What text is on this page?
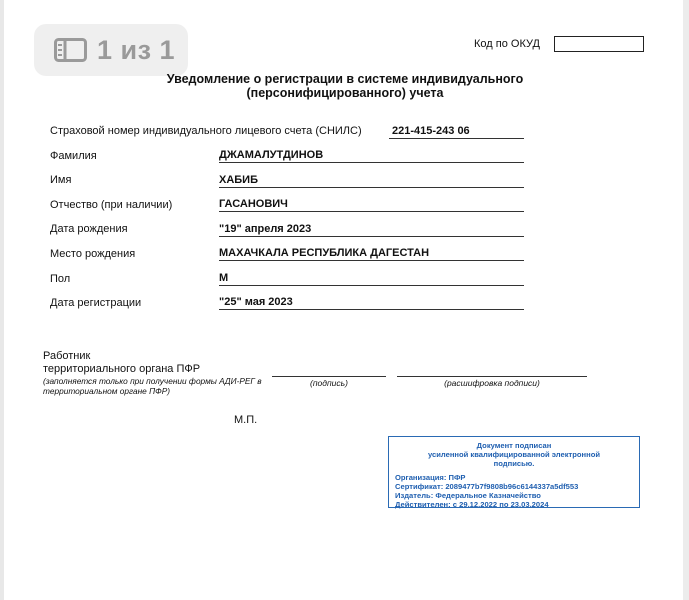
1 из 1	Код по ОКУД
Уведомление о регистрации в системе индивидуального
(персонифицированного) учета
Страховой номер индивидуального лицевого счета (СНИЛС)	221-415-243 06
Фамилия	ДЖАМАЛУТДИНОВ
Имя	ХАБИБ
Отчество (при наличии)	ГАСАНОВИЧ
Дата рождения	"19" апреля 2023
Место рождения	МАХАЧКАЛА РЕСПУБЛИКА ДАГЕСТАН
Пол	М
Дата регистрации	"25" мая 2023
Работник
территориального органа ПФР
(заполняется только при получении формы АДИ-РЕГ в территориальном органе ПФР)
(подпись)	(расшифровка подписи)
М.П.
Документ подписан
усиленной квалифицированной электронной
подписью.
Организация: ПФР
Сертификат: 2089477b7f9808b96c6144337a5df553
Издатель: Федеральное Казначейство
Действителен: с 29.12.2022 по 23.03.2024
